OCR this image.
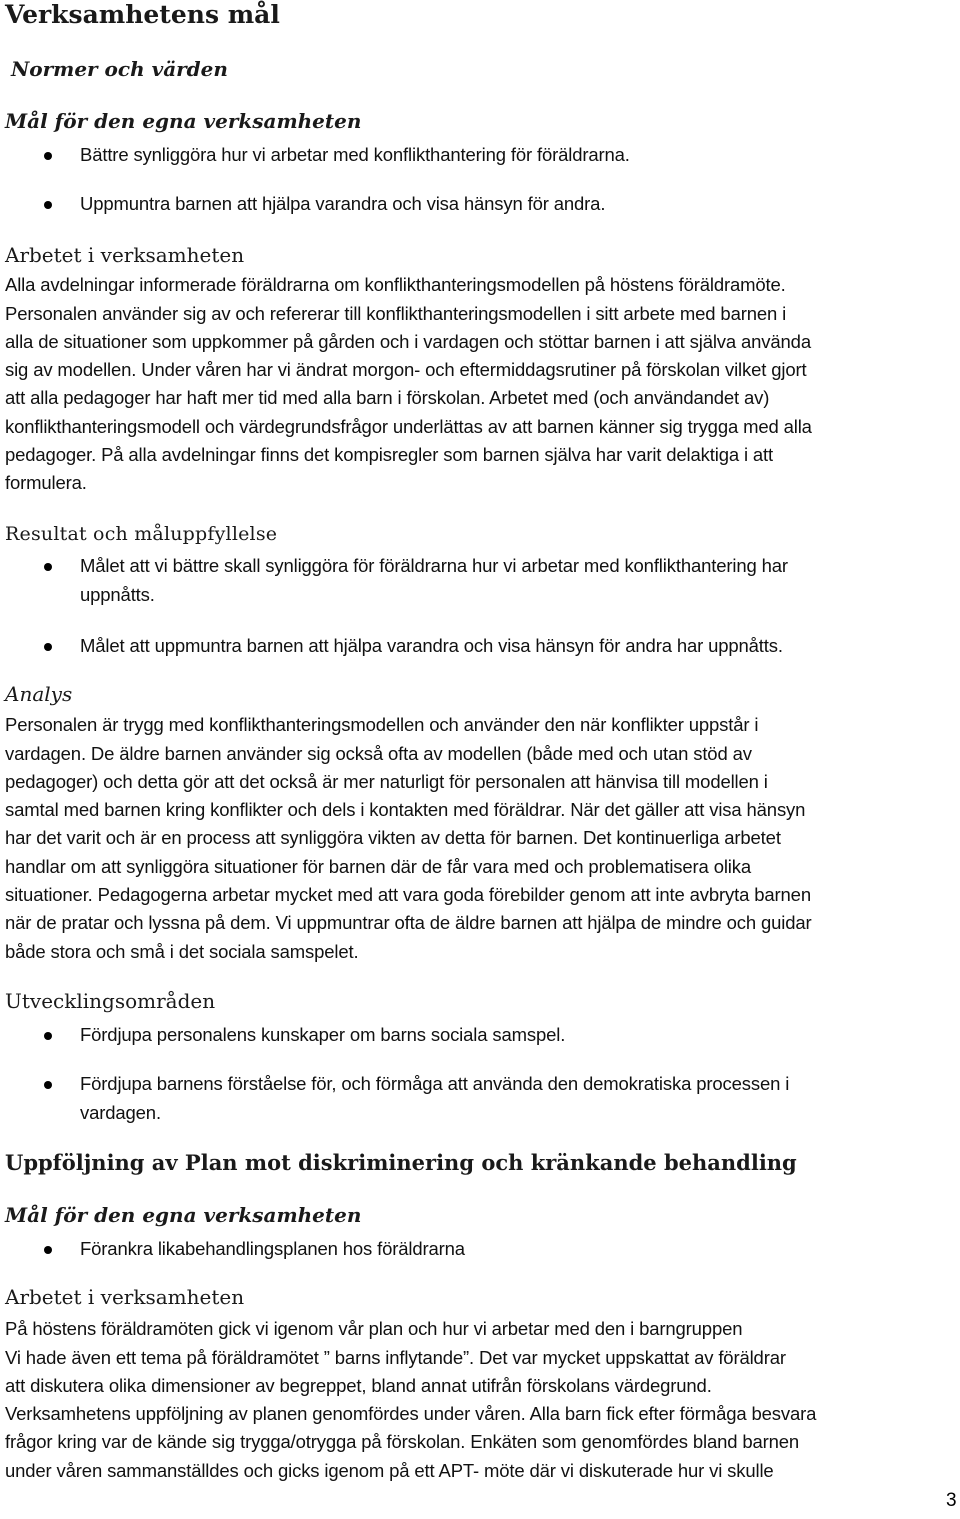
Verksamhetens mål
Normer och värden
Mål för den egna verksamheten
Bättre synliggöra hur vi arbetar med konflikthantering för föräldrarna.
Uppmuntra barnen att hjälpa varandra och visa hänsyn för andra.
Arbetet i verksamheten
Alla avdelningar informerade föräldrarna om konflikthanteringsmodellen på höstens föräldramöte.
Personalen använder sig av och refererar till konflikthanteringsmodellen i sitt arbete med barnen i
alla de situationer som uppkommer på gården och i vardagen och stöttar barnen i att själva använda
sig av modellen. Under våren har vi ändrat morgon- och eftermiddagsrutiner på förskolan vilket gjort
att alla pedagoger har haft mer tid med alla barn i förskolan. Arbetet med (och användandet av)
konflikthanteringsmodell och värdegrundsfrågor underlättas av att barnen känner sig trygga med alla
pedagoger. På alla avdelningar finns det kompisregler som barnen själva har varit delaktiga i att
formulera.
Resultat och måluppfyllelse
Målet att vi bättre skall synliggöra för föräldrarna hur vi arbetar med konflikthantering har
uppnåtts.
Målet att uppmuntra barnen att hjälpa varandra och visa hänsyn för andra har uppnåtts.
Analys
Personalen är trygg med konflikthanteringsmodellen och använder den när konflikter uppstår i
vardagen. De äldre barnen använder sig också ofta av modellen (både med och utan stöd av
pedagoger) och detta gör att det också är mer naturligt för personalen att hänvisa till modellen i
samtal med barnen kring konflikter och dels i kontakten med föräldrar. När det gäller att visa hänsyn
har det varit och är en process att synliggöra vikten av detta för barnen. Det kontinuerliga arbetet
handlar om att synliggöra situationer för barnen där de får vara med och problematisera olika
situationer. Pedagogerna arbetar mycket med att vara goda förebilder genom att inte avbryta barnen
när de pratar och lyssna på dem. Vi uppmuntrar ofta de äldre barnen att hjälpa de mindre och guidar
både stora och små i det sociala samspelet.
Utvecklingsområden
Fördjupa personalens kunskaper om barns sociala samspel.
Fördjupa barnens förståelse för, och förmåga att använda den demokratiska processen i
vardagen.
Uppföljning av Plan mot diskriminering och kränkande behandling
Mål för den egna verksamheten
Förankra likabehandlingsplanen hos föräldrarna
Arbetet i verksamheten
På höstens föräldramöten gick vi igenom vår plan och hur vi arbetar med den i barngruppen
Vi hade även ett tema på föräldramötet ” barns inflytande”. Det var mycket uppskattat av föräldrar
att diskutera olika dimensioner av begreppet, bland annat utifrån förskolans värdegrund.
Verksamhetens uppföljning av planen genomfördes under våren. Alla barn fick efter förmåga besvara
frågor kring var de kände sig trygga/otrygga på förskolan. Enkäten som genomfördes bland barnen
under våren sammanställdes och gicks igenom på ett APT- möte där vi diskuterade hur vi skulle
3
